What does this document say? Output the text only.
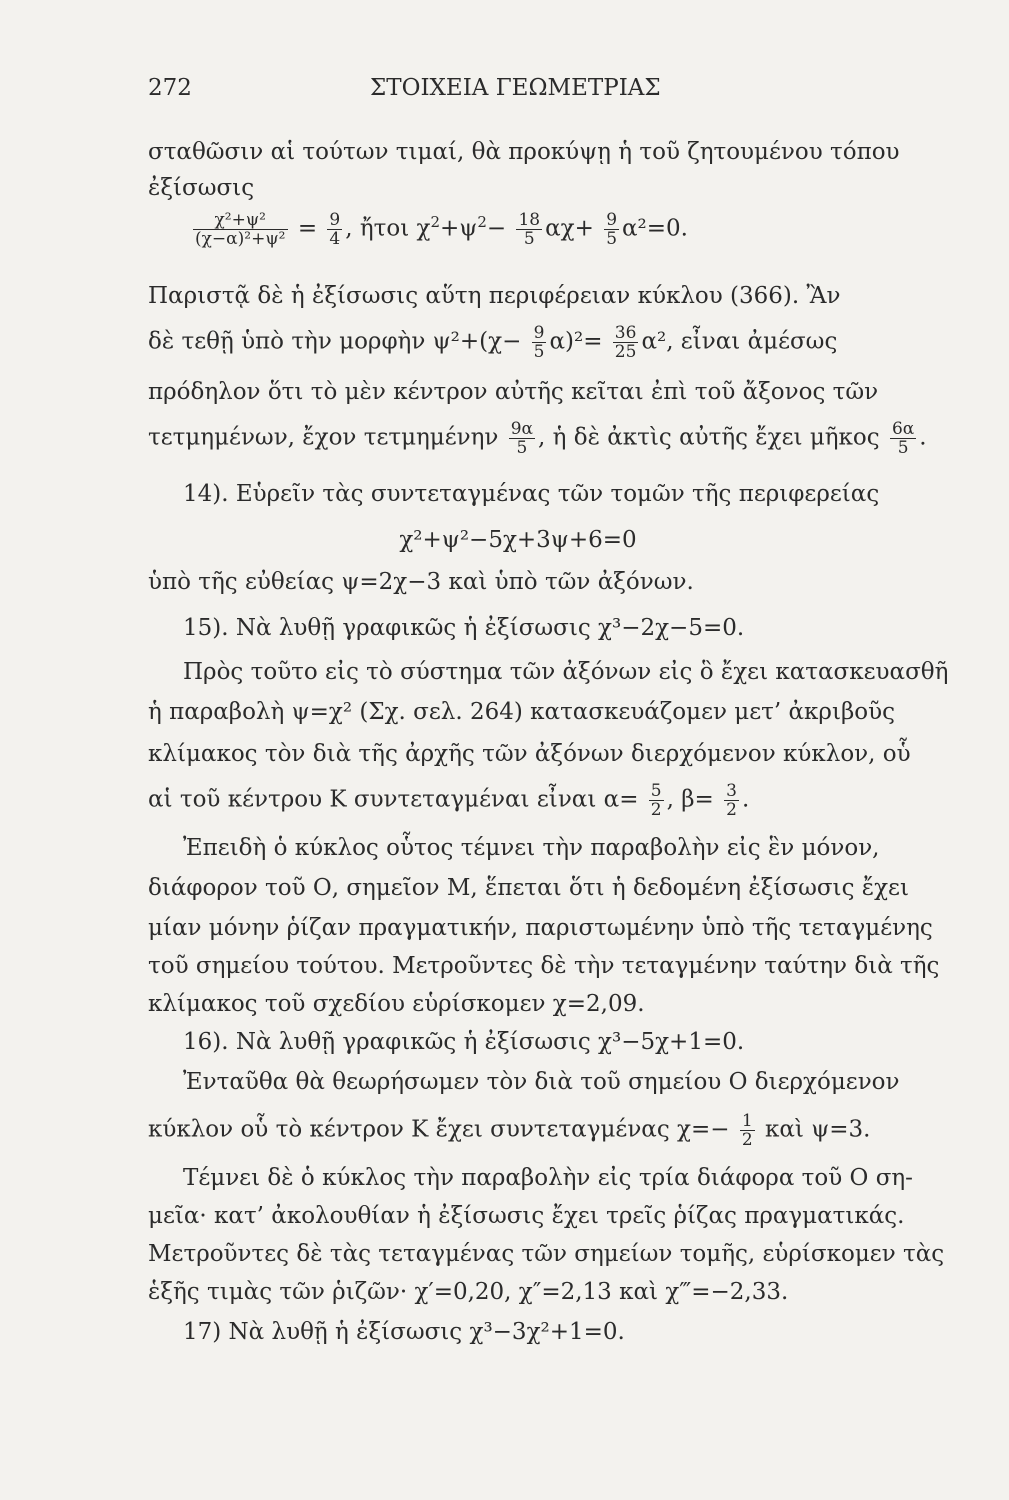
272	ΣΤΟΙΧΕΙΑ ΓΕΩΜΕΤΡΙΑΣ
σταθῶσιν αἱ τούτων τιμαί, θὰ προκύψῃ ἡ τοῦ ζητουμένου τόπου
ἐξίσωσις
$\frac{\text{χ²+ψ²}}{\text{(χ−α)²+ψ²}} = \frac{9}{4}$ , ἤτοι $\chi^2+\psi^2- \frac{18}{5} \alpha\chi+ \frac{9}{5} \alpha^2=0$.
Παριστᾷ δὲ ἡ ἐξίσωσις αὕτη περιφέρειαν κύκλου (366). Ἂν
δὲ τεθῇ ὑπὸ τὴν μορφὴν $\psi^2+(\chi- \frac{9}{5} \alpha)^2= \frac{36}{25} \alpha^2$, εἶναι ἀμέσως
πρόδηλον ὅτι τὸ μὲν κέντρον αὐτῆς κεῖται ἐπὶ τοῦ ἄξονος τῶν
τετμημένων, ἔχον τετμημένην $\frac{9\alpha}{5}$ , ἡ δὲ ἀκτὶς αὐτῆς ἔχει μῆκος $\frac{6\alpha}{5}$ .
14). Εὑρεῖν τὰς συντεταγμένας τῶν τομῶν τῆς περιφερείας
χ²+ψ²−5χ+3ψ+6=0
ὑπὸ τῆς εὐθείας ψ=2χ−3 καὶ ὑπὸ τῶν ἀξόνων.
15). Νὰ λυθῇ γραφικῶς ἡ ἐξίσωσις χ³−2χ−5=0.
Πρὸς τοῦτο εἰς τὸ σύστημα τῶν ἀξόνων εἰς ὃ ἔχει κατασκευασθῆ
ἡ παραβολὴ ψ=χ² (Σχ. σελ. 264) κατασκευάζομεν μετ’ ἀκριβοῦς
κλίμακος τὸν διὰ τῆς ἀρχῆς τῶν ἀξόνων διερχόμενον κύκλον, οὗ
αἱ τοῦ κέντρου Κ συντεταγμέναι εἶναι $\alpha= \frac{5}{2}$ , $\beta= \frac{3}{2}$ .
Ἐπειδὴ ὁ κύκλος οὗτος τέμνει τὴν παραβολὴν εἰς ἓν μόνον,
διάφορον τοῦ Ο, σημεῖον Μ, ἕπεται ὅτι ἡ δεδομένη ἐξίσωσις ἔχει
μίαν μόνην ῥίζαν πραγματικήν, παριστωμένην ὑπὸ τῆς τεταγμένης
τοῦ σημείου τούτου. Μετροῦντες δὲ τὴν τεταγμένην ταύτην διὰ τῆς
κλίμακος τοῦ σχεδίου εὑρίσκομεν χ=2,09.
16). Νὰ λυθῇ γραφικῶς ἡ ἐξίσωσις χ³−5χ+1=0.
Ἐνταῦθα θὰ θεωρήσωμεν τὸν διὰ τοῦ σημείου Ο διερχόμενον
κύκλον οὗ τὸ κέντρον Κ ἔχει συντεταγμένας $\chi=- \frac{1}{2}$ καὶ ψ=3.
Τέμνει δὲ ὁ κύκλος τὴν παραβολὴν εἰς τρία διάφορα τοῦ Ο ση-
μεῖα· κατ’ ἀκολουθίαν ἡ ἐξίσωσις ἔχει τρεῖς ῥίζας πραγματικάς.
Μετροῦντες δὲ τὰς τεταγμένας τῶν σημείων τομῆς, εὑρίσκομεν τὰς
ἑξῆς τιμὰς τῶν ῥιζῶν· χ′=0,20, χ″=2,13 καὶ χ‴=−2,33.
17) Νὰ λυθῇ ἡ ἐξίσωσις χ³−3χ²+1=0.
